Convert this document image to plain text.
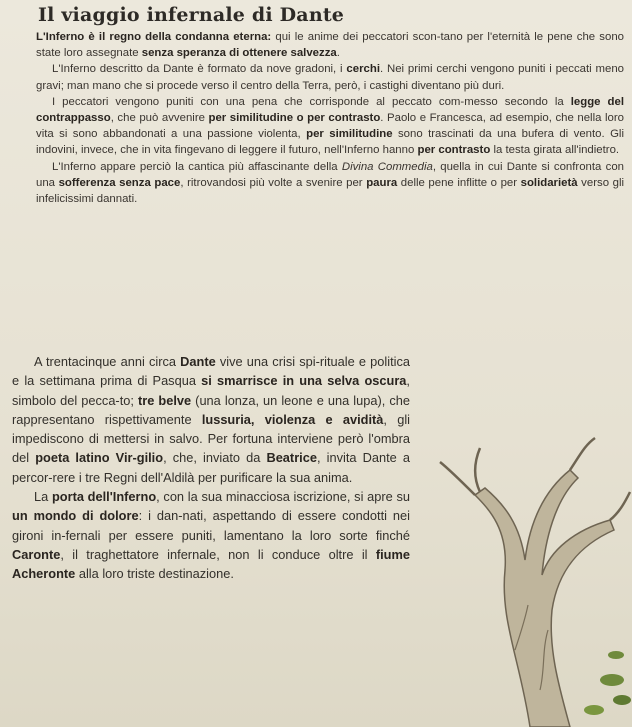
Il viaggio infernale di Dante

L'Inferno è il regno della condanna eterna: qui le anime dei peccatori scon-tano per l'eternità le pene che sono state loro assegnate senza speranza di ottenere salvezza.

L'Inferno descritto da Dante è formato da nove gradoni, i cerchi. Nei primi cerchi vengono puniti i peccati meno gravi; man mano che si procede verso il centro della Terra, però, i castighi diventano più duri.

I peccatori vengono puniti con una pena che corrisponde al peccato com-messo secondo la legge del contrappasso, che può avvenire per similitudine o per contrasto. Paolo e Francesca, ad esempio, che nella loro vita si sono abbandonati a una passione violenta, per similitudine sono trascinati da una bufera di vento. Gli indovini, invece, che in vita fingevano di leggere il futuro, nell'Inferno hanno per contrasto la testa girata all'indietro.

L'Inferno appare perciò la cantica più affascinante della Divina Commedia, quella in cui Dante si confronta con una sofferenza senza pace, ritrovandosi più volte a svenire per paura delle pene inflitte o per solidarietà verso gli infelicissimi dannati.

A trentacinque anni circa Dante vive una crisi spi-rituale e politica e la settimana prima di Pasqua si smarrisce in una selva oscura, simbolo del pecca-to; tre belve (una lonza, un leone e una lupa), che rappresentano rispettivamente lussuria, violenza e avidità, gli impediscono di mettersi in salvo. Per fortuna interviene però l'ombra del poeta latino Vir-gilio, che, inviato da Beatrice, invita Dante a percor-rere i tre Regni dell'Aldilà per purificare la sua anima.

La porta dell'Inferno, con la sua minacciosa iscrizione, si apre su un mondo di dolore: i dan-nati, aspettando di essere condotti nei gironi in-fernali per essere puniti, lamentano la loro sorte finché Caronte, il traghettatore infernale, non li conduce oltre il fiume Acheronte alla loro triste destinazione.
